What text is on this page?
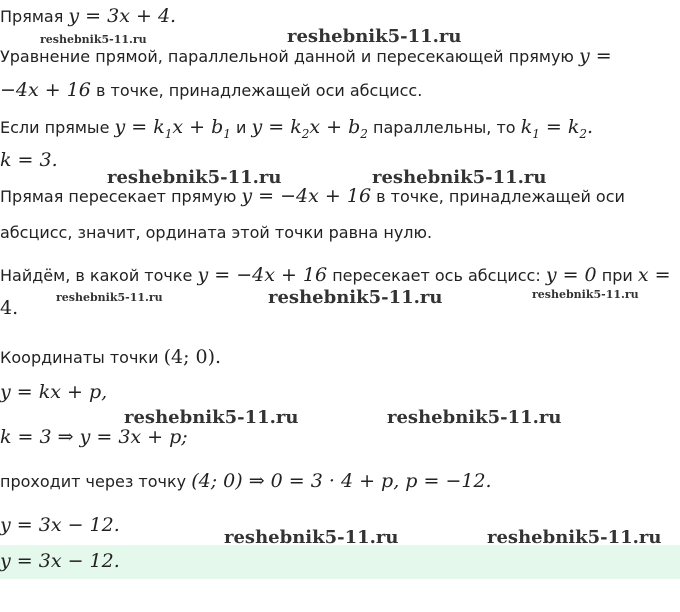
Прямая y = 3x + 4.
Уравнение прямой, параллельной данной и пересекающей прямую y =
−4x + 16 в точке, принадлежащей оси абсцисс.
Если прямые $y = k_1x + b_1$ и $y = k_2x + b_2$ параллельны, то $k_1 = k_2$.
k = 3.
Прямая пересекает прямую y = −4x + 16 в точке, принадлежащей оси
абсцисс, значит, ордината этой точки равна нулю.
Найдём, в какой точке y = −4x + 16 пересекает ось абсцисс: y = 0 при x =
4.
Координаты точки (4; 0).
y = kx + p,
k = 3 ⇒ y = 3x + p;
проходит через точку (4; 0) ⇒ 0 = 3 · 4 + p, p = −12.
y = 3x − 12.
y = 3x − 12.
reshebnik5-11.ru
reshebnik5-11.ru
reshebnik5-11.ru	reshebnik5-11.ru
reshebnik5-11.ru	reshebnik5-11.ru	reshebnik5-11.ru
reshebnik5-11.ru	reshebnik5-11.ru
reshebnik5-11.ru	reshebnik5-11.ru
